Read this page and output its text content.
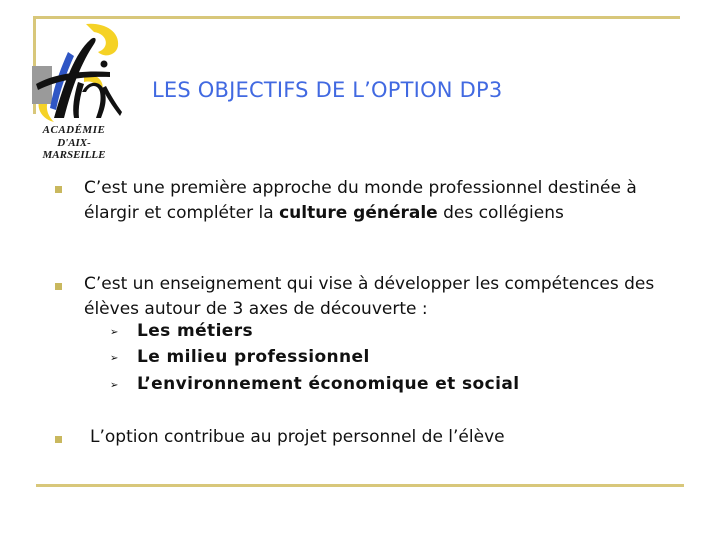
ACADÉMIE
D'AIX-MARSEILLE
LES OBJECTIFS DE L’OPTION DP3
C’est une première approche du monde professionnel destinée à élargir et compléter la culture générale des collégiens
C’est un enseignement qui vise à développer les compétences des élèves autour de 3 axes de découverte :
➢ Les métiers
➢ Le milieu professionnel
➢ L’environnement économique et social
L’option contribue au projet personnel de l’élève
